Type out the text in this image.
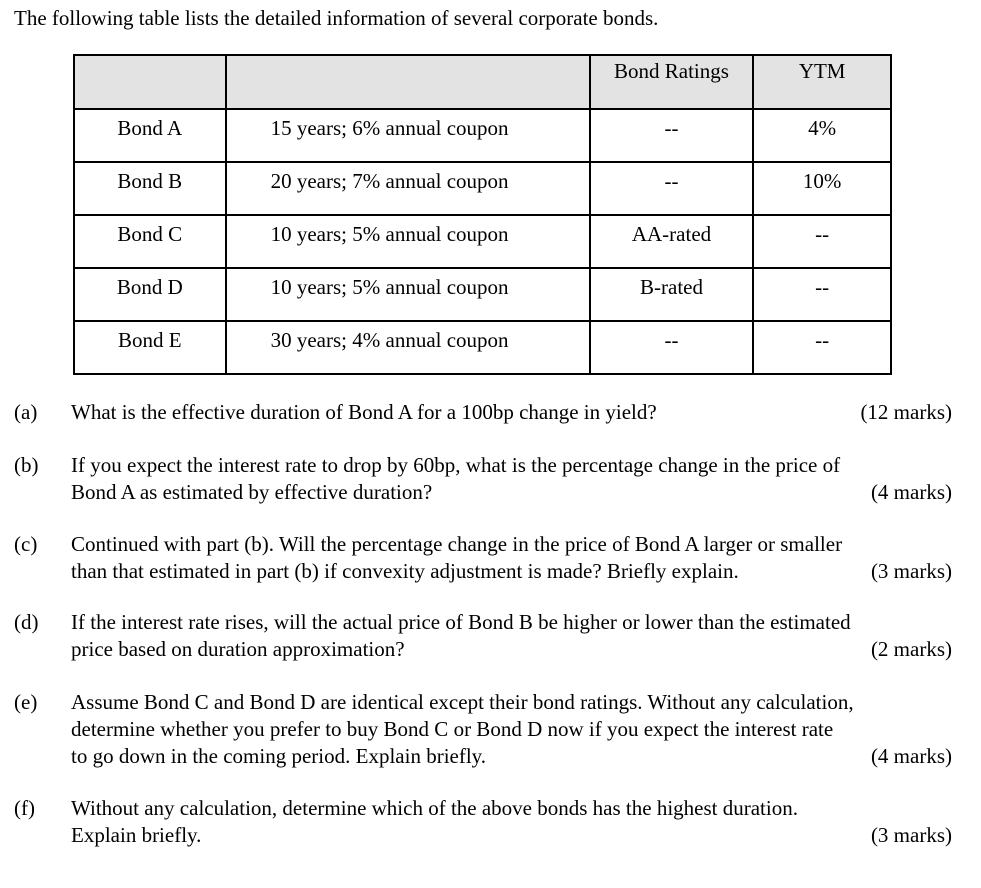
The following table lists the detailed information of several corporate bonds.
		Bond Ratings	YTM
Bond A	15 years; 6% annual coupon	--	4%
Bond B	20 years; 7% annual coupon	--	10%
Bond C	10 years; 5% annual coupon	AA-rated	--
Bond D	10 years; 5% annual coupon	B-rated	--
Bond E	30 years; 4% annual coupon	--	--
(a) What is the effective duration of Bond A for a 100bp change in yield?	(12 marks)
(b) If you expect the interest rate to drop by 60bp, what is the percentage change in the price of
Bond A as estimated by effective duration?	(4 marks)
(c) Continued with part (b). Will the percentage change in the price of Bond A larger or smaller
than that estimated in part (b) if convexity adjustment is made? Briefly explain.	(3 marks)
(d) If the interest rate rises, will the actual price of Bond B be higher or lower than the estimated
price based on duration approximation?	(2 marks)
(e) Assume Bond C and Bond D are identical except their bond ratings. Without any calculation,
determine whether you prefer to buy Bond C or Bond D now if you expect the interest rate
to go down in the coming period. Explain briefly.	(4 marks)
(f) Without any calculation, determine which of the above bonds has the highest duration.
Explain briefly.	(3 marks)
